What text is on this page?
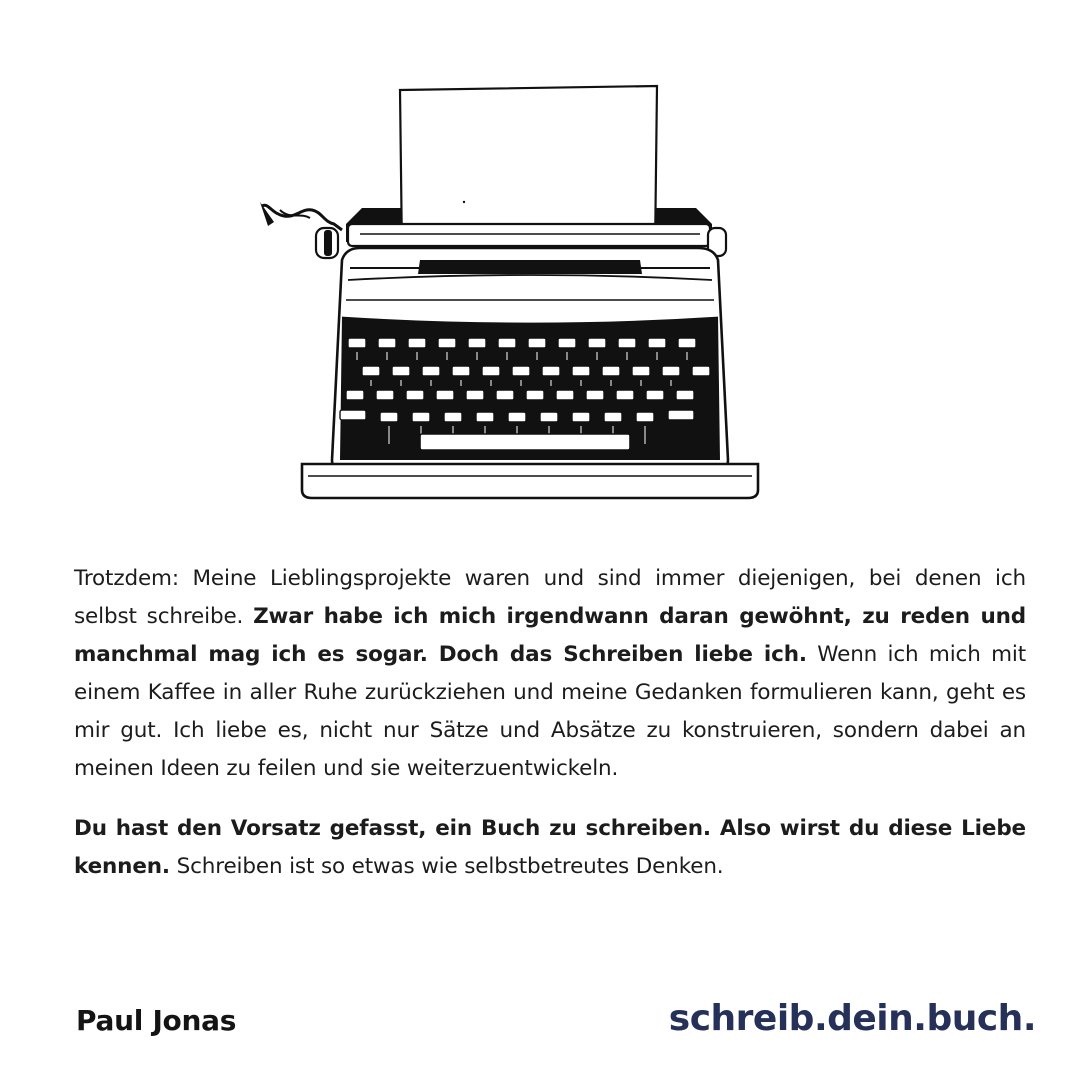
Trotzdem: Meine Lieblingsprojekte waren und sind immer diejenigen, bei denen ich selbst schreibe. Zwar habe ich mich irgendwann daran gewöhnt, zu reden und manchmal mag ich es sogar. Doch das Schreiben liebe ich. Wenn ich mich mit einem Kaffee in aller Ruhe zurückziehen und meine Gedanken formulieren kann, geht es mir gut. Ich liebe es, nicht nur Sätze und Absätze zu konstruieren, sondern dabei an meinen Ideen zu feilen und sie weiterzuentwickeln.

Du hast den Vorsatz gefasst, ein Buch zu schreiben. Also wirst du diese Liebe kennen. Schreiben ist so etwas wie selbstbetreutes Denken.

Paul Jonas	schreib.dein.buch.
